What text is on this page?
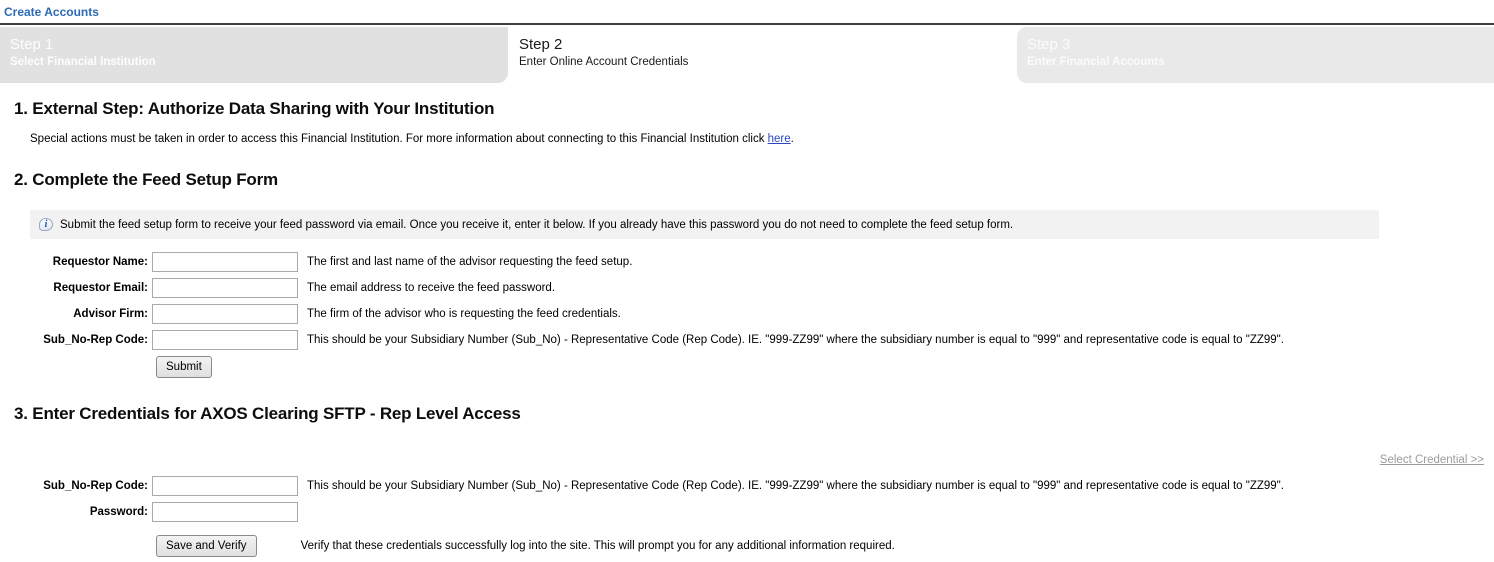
Create Accounts
Step 1
Select Financial Institution
Step 2
Enter Online Account Credentials
Step 3
Enter Financial Accounts
1. External Step: Authorize Data Sharing with Your Institution
Special actions must be taken in order to access this Financial Institution. For more information about connecting to this Financial Institution click here.
2. Complete the Feed Setup Form
i	Submit the feed setup form to receive your feed password via email. Once you receive it, enter it below. If you already have this password you do not need to complete the feed setup form.
Requestor Name:	The first and last name of the advisor requesting the feed setup.
Requestor Email:	The email address to receive the feed password.
Advisor Firm:	The firm of the advisor who is requesting the feed credentials.
Sub_No-Rep Code:	This should be your Subsidiary Number (Sub_No) - Representative Code (Rep Code). IE. "999-ZZ99" where the subsidiary number is equal to "999" and representative code is equal to "ZZ99".
Submit
3. Enter Credentials for AXOS Clearing SFTP - Rep Level Access
Select Credential >>
Sub_No-Rep Code:	This should be your Subsidiary Number (Sub_No) - Representative Code (Rep Code). IE. "999-ZZ99" where the subsidiary number is equal to "999" and representative code is equal to "ZZ99".
Password:
Save and Verify	Verify that these credentials successfully log into the site. This will prompt you for any additional information required.
